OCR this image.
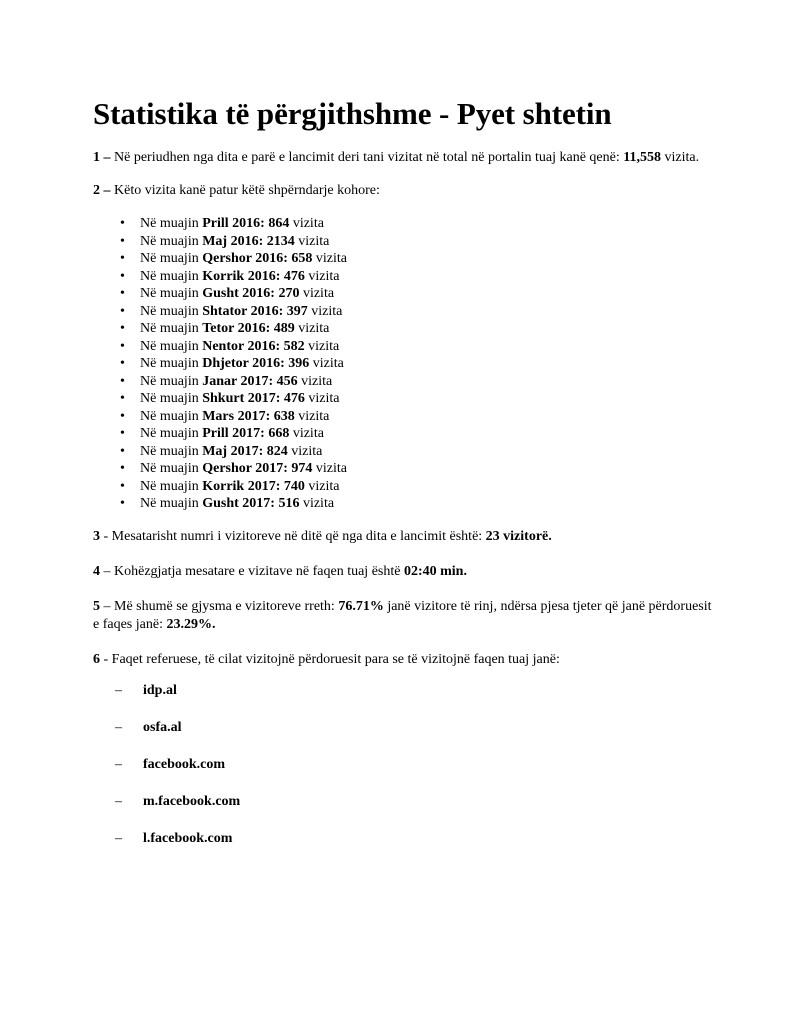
Statistika të përgjithshme - Pyet shtetin

1 – Në periudhen nga dita e parë e lancimit deri tani vizitat në total në portalin tuaj kanë qenë: 11,558 vizita.

2 – Këto vizita kanë patur këtë shpërndarje kohore:

• Në muajin Prill 2016: 864 vizita
• Në muajin Maj 2016: 2134 vizita
• Në muajin Qershor 2016: 658 vizita
• Në muajin Korrik 2016: 476 vizita
• Në muajin Gusht 2016: 270 vizita
• Në muajin Shtator 2016: 397 vizita
• Në muajin Tetor 2016: 489 vizita
• Në muajin Nentor 2016: 582 vizita
• Në muajin Dhjetor 2016: 396 vizita
• Në muajin Janar 2017: 456 vizita
• Në muajin Shkurt 2017: 476 vizita
• Në muajin Mars 2017: 638 vizita
• Në muajin Prill 2017: 668 vizita
• Në muajin Maj 2017: 824 vizita
• Në muajin Qershor 2017: 974 vizita
• Në muajin Korrik 2017: 740 vizita
• Në muajin Gusht 2017: 516 vizita

3 - Mesatarisht numri i vizitoreve në ditë që nga dita e lancimit është: 23 vizitorë.

4 – Kohëzgjatja mesatare e vizitave në faqen tuaj është 02:40 min.

5 – Më shumë se gjysma e vizitoreve rreth: 76.71% janë vizitore të rinj, ndërsa pjesa tjeter që janë përdoruesit e faqes janë: 23.29%.

6 - Faqet referuese, të cilat vizitojnë përdoruesit para se të vizitojnë faqen tuaj janë:

– idp.al
– osfa.al
– facebook.com
– m.facebook.com
– l.facebook.com
